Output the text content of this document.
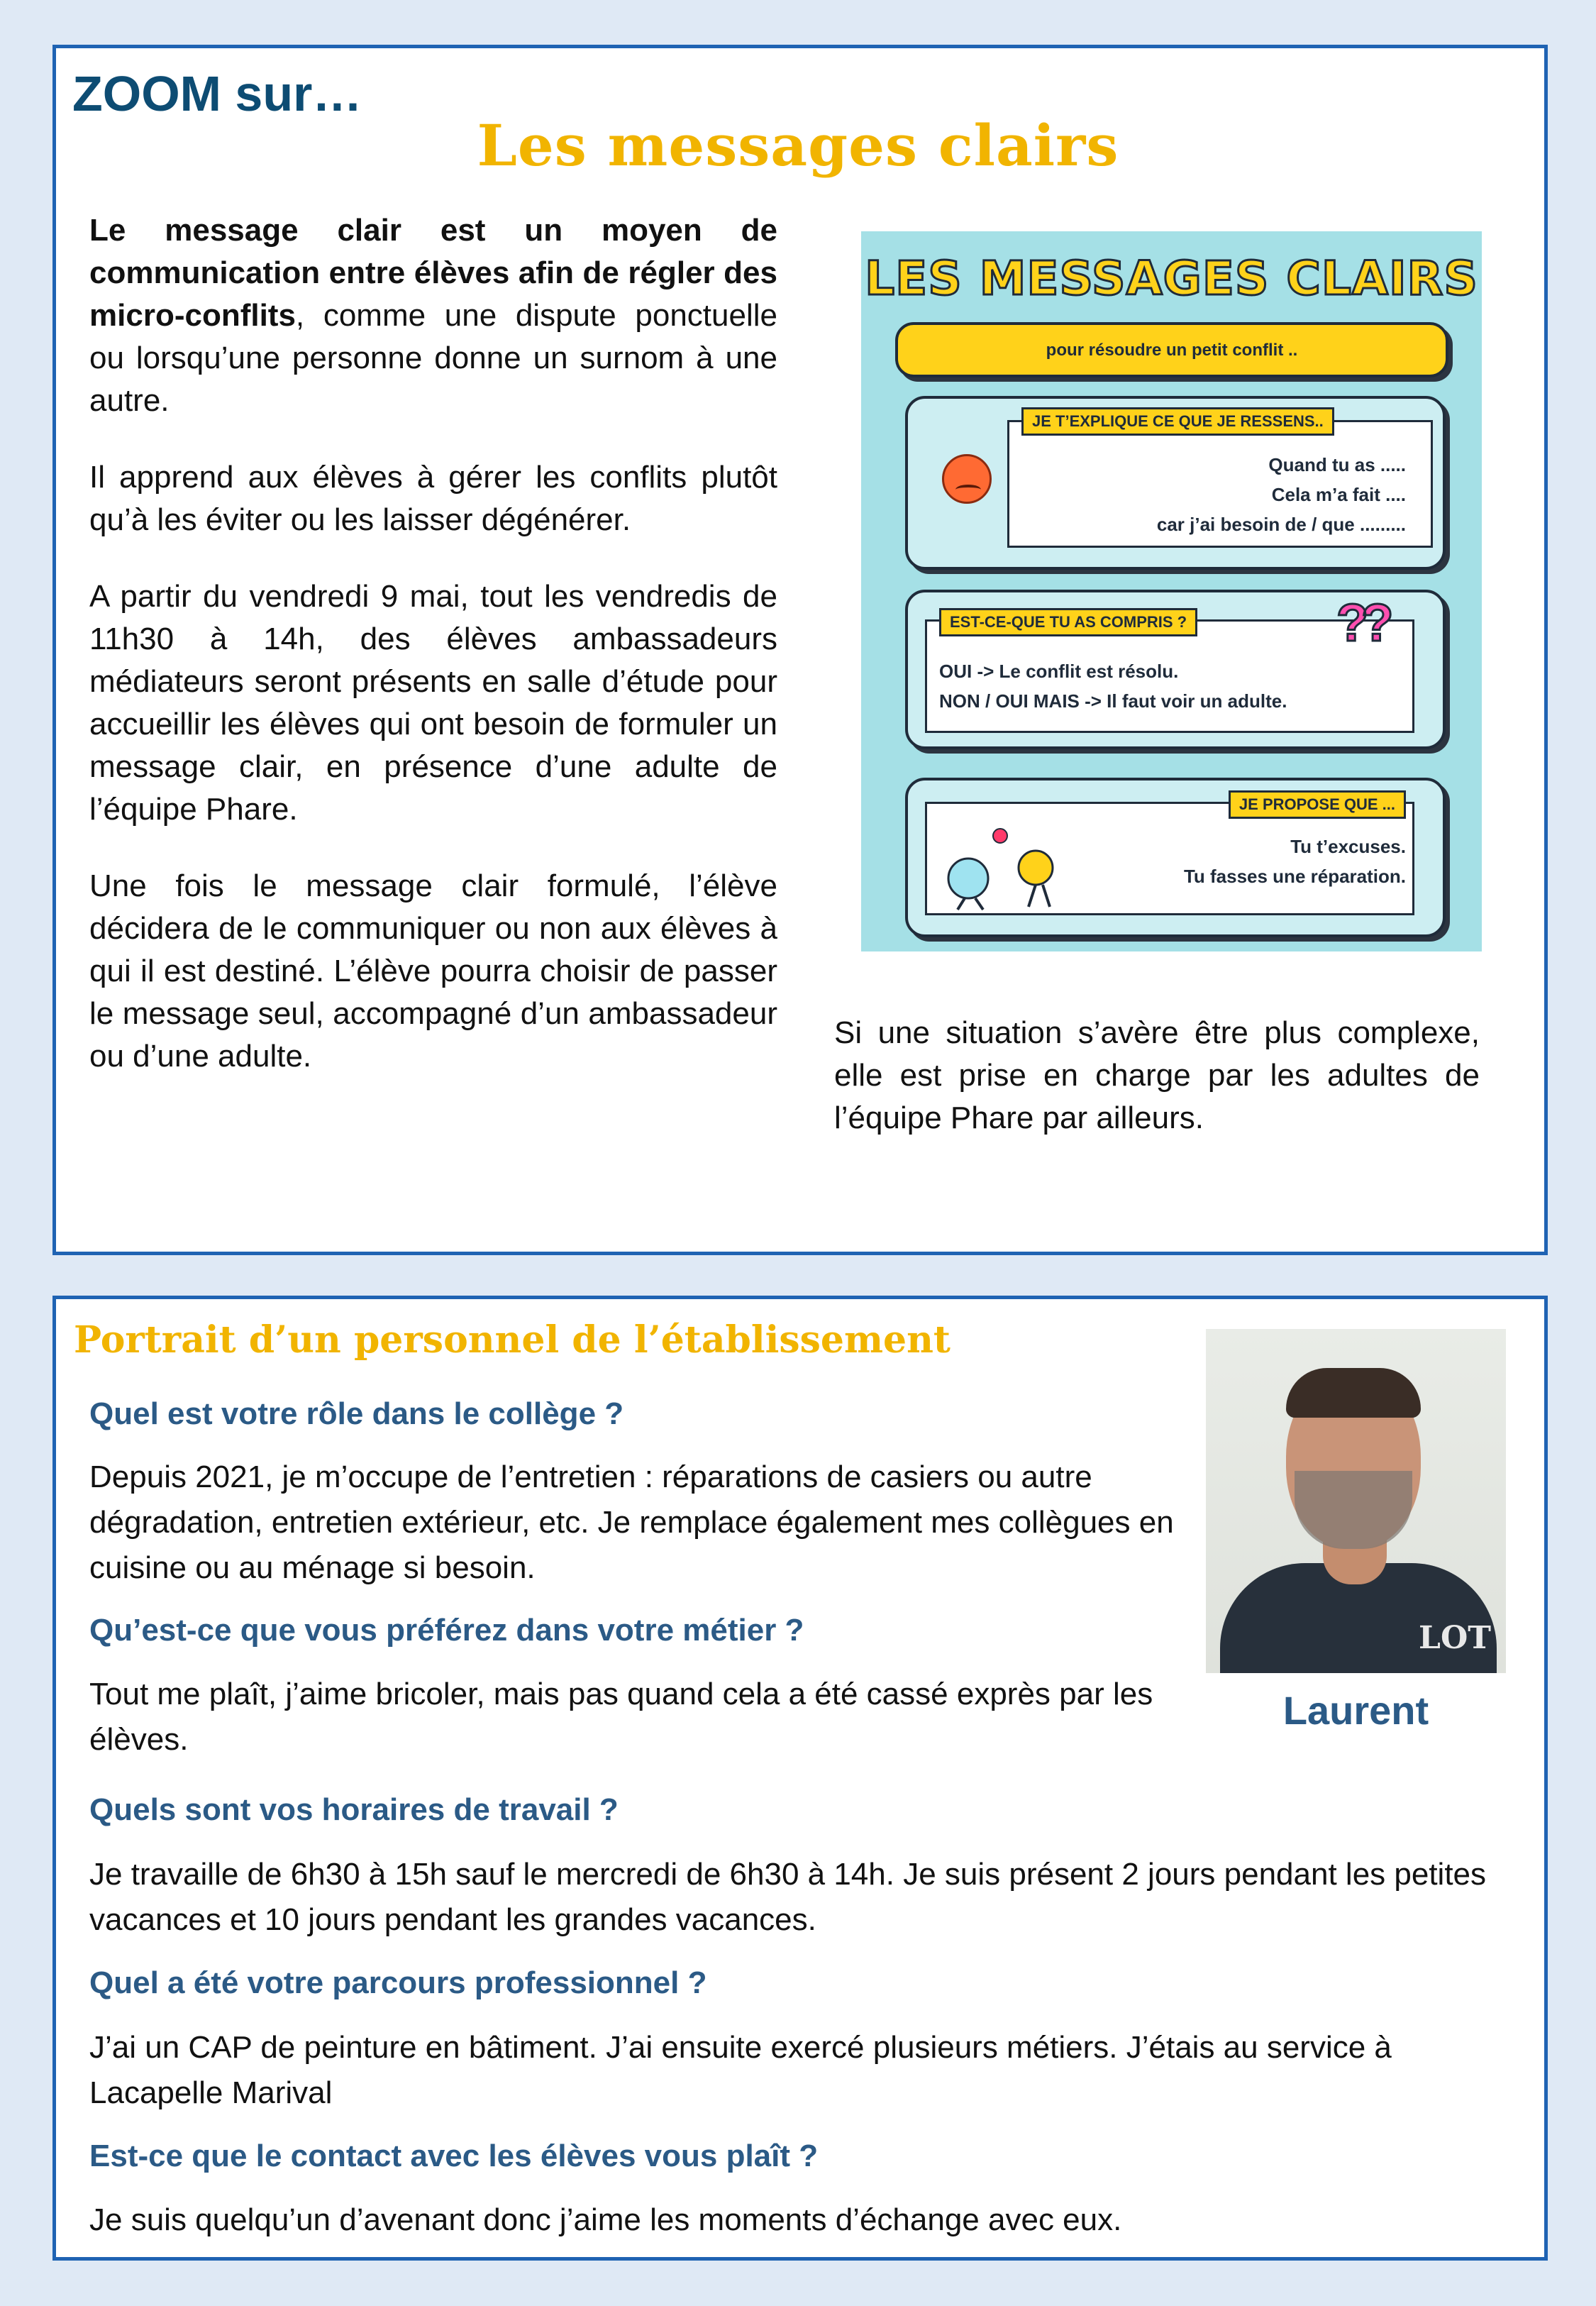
ZOOM sur…
Les messages clairs

Le message clair est un moyen de communication entre élèves afin de régler des micro-conflits, comme une dispute ponctuelle ou lorsqu’une personne donne un surnom à une autre.

Il apprend aux élèves à gérer les conflits plutôt qu’à les éviter ou les laisser dégénérer.

A partir du vendredi 9 mai, tout les vendredis de 11h30 à 14h, des élèves ambassadeurs médiateurs seront présents en salle d’étude pour accueillir les élèves qui ont besoin de formuler un message clair, en présence d’une adulte de l’équipe Phare.

Une fois le message clair formulé, l’élève décidera de le communiquer ou non aux élèves à qui il est destiné. L’élève pourra choisir de passer le message seul, accompagné d’un ambassadeur ou d’une adulte.

LES MESSAGES CLAIRS
pour résoudre un petit conflit ..
JE T’EXPLIQUE CE QUE JE RESSENS..
Quand tu as .....
Cela m’a fait ....
car j’ai besoin de / que .........
EST-CE-QUE TU AS COMPRIS ?	??
OUI -> Le conflit est résolu.
NON / OUI MAIS -> Il faut voir un adulte.
JE PROPOSE QUE ...
Tu t’excuses.
Tu fasses une réparation.
Si une situation s’avère être plus complexe, elle est prise en charge par les adultes de l’équipe Phare par ailleurs.
Portrait d’un personnel de l’établissement
LOT
Laurent
Quel est votre rôle dans le collège ?
Depuis 2021, je m’occupe de l’entretien : réparations de casiers ou autre dégradation, entretien extérieur, etc. Je remplace également mes collègues en cuisine ou au ménage si besoin.
Qu’est-ce que vous préférez dans votre métier ?
Tout me plaît, j’aime bricoler, mais pas quand cela a été cassé exprès par les élèves.
Quels sont vos horaires de travail ?
Je travaille de 6h30 à 15h sauf le mercredi de 6h30 à 14h. Je suis présent 2 jours pendant les petites vacances et 10 jours pendant les grandes vacances.
Quel a été votre parcours professionnel ?
J’ai un CAP de peinture en bâtiment. J’ai ensuite exercé plusieurs métiers. J’étais au service à Lacapelle Marival
Est-ce que le contact avec les élèves vous plaît ?
Je suis quelqu’un d’avenant donc j’aime les moments d’échange avec eux.
